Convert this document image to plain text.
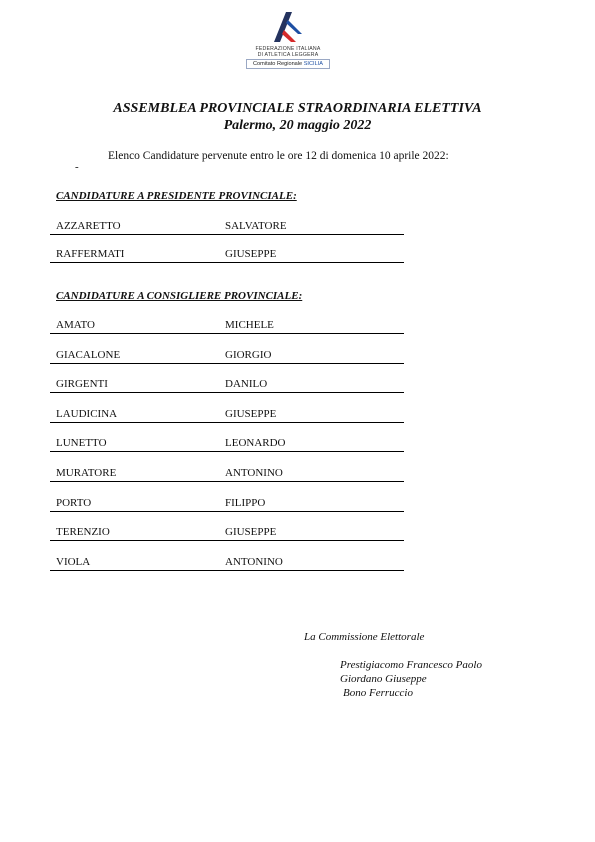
FEDERAZIONE ITALIANA
DI ATLETICA LEGGERA
Comitato Regionale SICILIA
ASSEMBLEA PROVINCIALE STRAORDINARIA ELETTIVA
Palermo, 20 maggio 2022
Elenco Candidature pervenute entro le ore 12 di domenica 10 aprile 2022:
-
CANDIDATURE A PRESIDENTE PROVINCIALE:
AZZARETTO	SALVATORE
RAFFERMATI	GIUSEPPE
CANDIDATURE A CONSIGLIERE PROVINCIALE:
AMATO	MICHELE
GIACALONE	GIORGIO
GIRGENTI	DANILO
LAUDICINA	GIUSEPPE
LUNETTO	LEONARDO
MURATORE	ANTONINO
PORTO	FILIPPO
TERENZIO	GIUSEPPE
VIOLA	ANTONINO
La Commissione Elettorale
Prestigiacomo Francesco Paolo
Giordano Giuseppe
Bono Ferruccio
